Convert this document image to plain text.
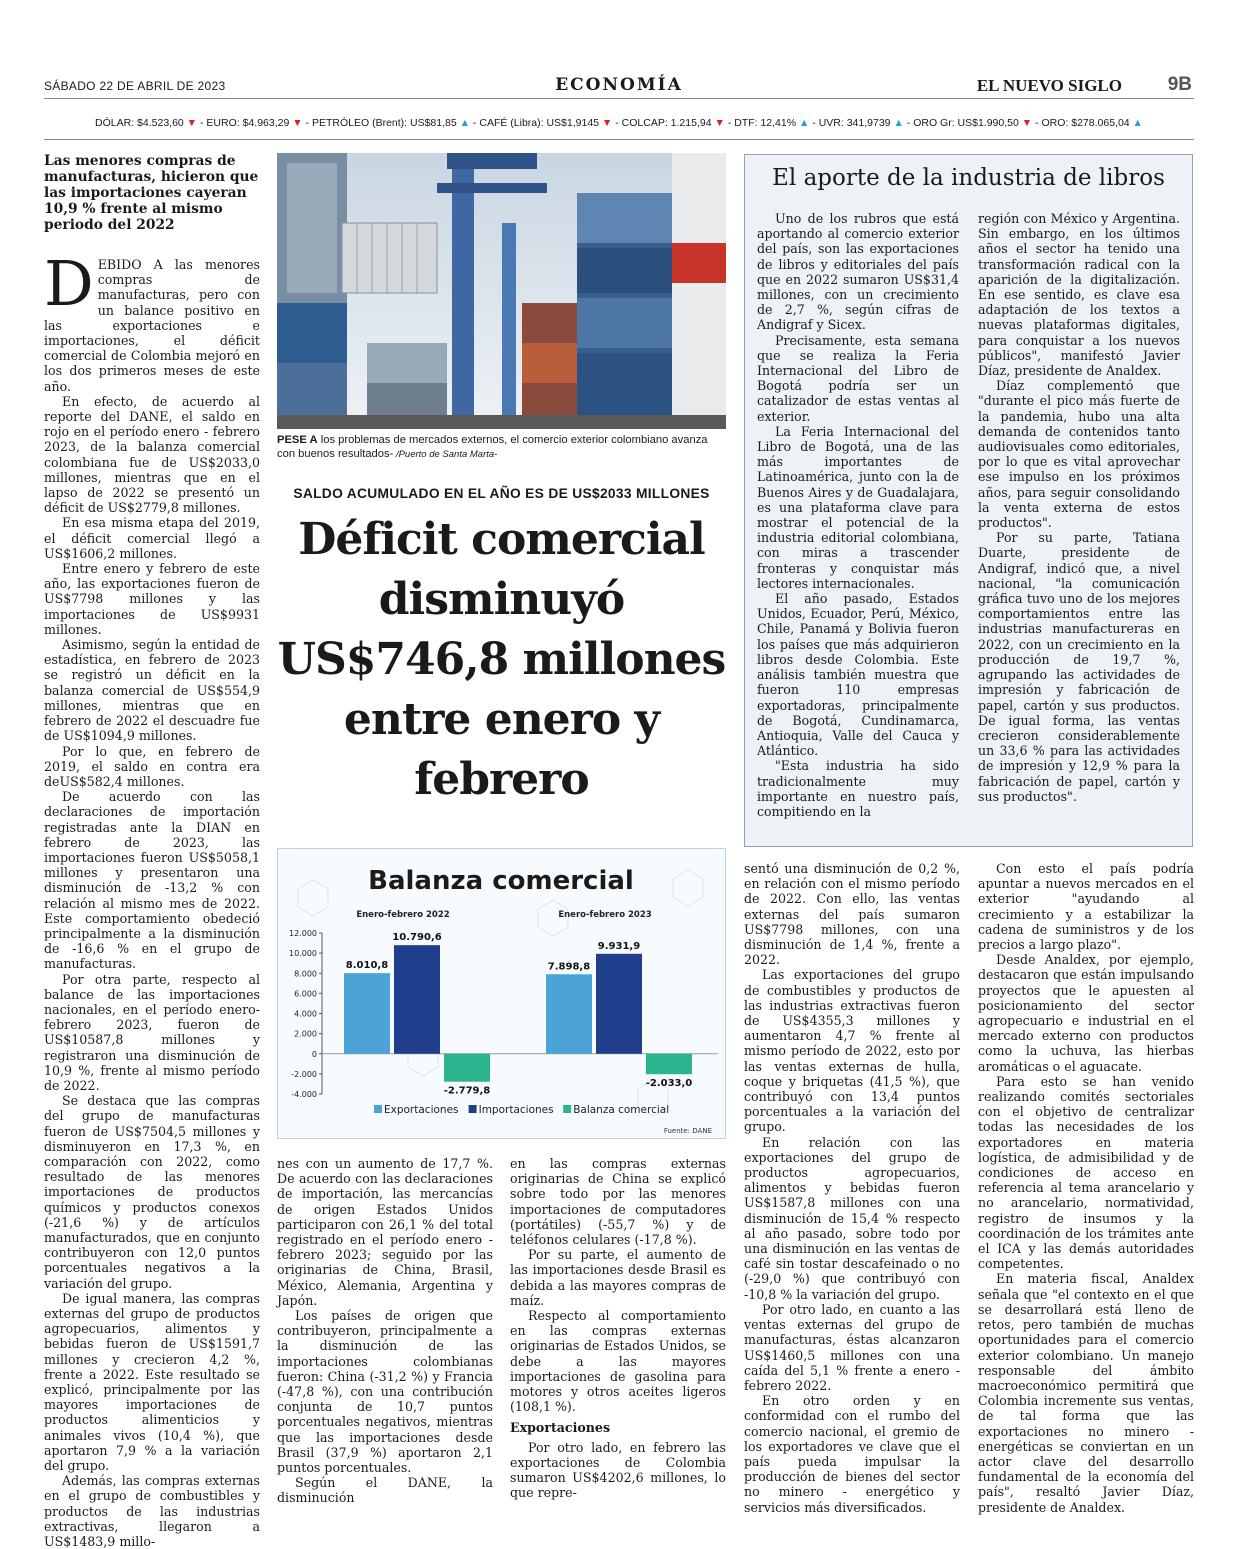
SÁBADO 22 DE ABRIL DE 2023	ECONOMÍA	EL NUEVO SIGLO 9B
DÓLAR: $4.523,60 ▼ - EURO: $4.963,29 ▼ - PETRÓLEO (Brent): US$81,85 ▲ - CAFÉ (Libra): US$1,9145 ▼ - COLCAP: 1.215,94 ▼ - DTF: 12,41% ▲ - UVR: 341,9739 ▲ - ORO Gr: US$1.990,50 ▼ - ORO: $278.065,04 ▲
Las menores compras de manufacturas, hicieron que las importaciones cayeran 10,9 % frente al mismo periodo del 2022
D EBIDO A las menores compras de manufacturas, pero con un balance positivo en las exportaciones e importaciones, el déficit comercial de Colombia mejoró en los dos primeros meses de este año.

En efecto, de acuerdo al reporte del DANE, el saldo en rojo en el período enero - febrero 2023, de la balanza comercial colombiana fue de US$2033,0 millones, mientras que en el lapso de 2022 se presentó un déficit de US$2779,8 millones.

En esa misma etapa del 2019, el déficit comercial llegó a US$1606,2 millones.

Entre enero y febrero de este año, las exportaciones fueron de US$7798 millones y las importaciones de US$9931 millones.

Asimismo, según la entidad de estadística, en febrero de 2023 se registró un déficit en la balanza comercial de US$554,9 millones, mientras que en febrero de 2022 el descuadre fue de US$1094,9 millones.

Por lo que, en febrero de 2019, el saldo en contra era deUS$582,4 millones.

De acuerdo con las declaraciones de importación registradas ante la DIAN en febrero de 2023, las importaciones fueron US$5058,1 millones y presentaron una disminución de -13,2 % con relación al mismo mes de 2022. Este comportamiento obedeció principalmente a la disminución de -16,6 % en el grupo de manufacturas.

Por otra parte, respecto al balance de las importaciones nacionales, en el período enero-febrero 2023, fueron de US$10587,8 millones y registraron una disminución de 10,9 %, frente al mismo período de 2022.

Se destaca que las compras del grupo de manufacturas fueron de US$7504,5 millones y disminuyeron en 17,3 %, en comparación con 2022, como resultado de las menores importaciones de productos químicos y productos conexos (-21,6 %) y de artículos manufacturados, que en conjunto contribuyeron con 12,0 puntos porcentuales negativos a la variación del grupo.

De igual manera, las compras externas del grupo de productos agropecuarios, alimentos y bebidas fueron de US$1591,7 millones y crecieron 4,2 %, frente a 2022. Este resultado se explicó, principalmente por las mayores importaciones de productos alimenticios y animales vivos (10,4 %), que aportaron 7,9 % a la variación del grupo.

Además, las compras externas en el grupo de combustibles y productos de las industrias extractivas, llegaron a US$1483,9 millo-

PESE A los problemas de mercados externos, el comercio exterior colombiano avanza con buenos resultados- /Puerto de Santa Marta-
SALDO ACUMULADO EN EL AÑO ES DE US$2033 MILLONES
Déficit comercial disminuyó US$746,8 millones entre enero y febrero
El aporte de la industria de libros

Uno de los rubros que está aportando al comercio exterior del país, son las exportaciones de libros y editoriales del país que en 2022 sumaron US$31,4 millones, con un crecimiento de 2,7 %, según cifras de Andigraf y Sicex.

Precisamente, esta semana que se realiza la Feria Internacional del Libro de Bogotá podría ser un catalizador de estas ventas al exterior.

La Feria Internacional del Libro de Bogotá, una de las más importantes de Latinoamérica, junto con la de Buenos Aires y de Guadalajara, es una plataforma clave para mostrar el potencial de la industria editorial colombiana, con miras a trascender fronteras y conquistar más lectores internacionales.

El año pasado, Estados Unidos, Ecuador, Perú, México, Chile, Panamá y Bolivia fueron los países que más adquirieron libros desde Colombia. Este análisis también muestra que fueron 110 empresas exportadoras, principalmente de Bogotá, Cundinamarca, Antioquia, Valle del Cauca y Atlántico.

"Esta industria ha sido tradicionalmente muy importante en nuestro país, compitiendo en la

región con México y Argentina. Sin embargo, en los últimos años el sector ha tenido una transformación radical con la aparición de la digitalización. En ese sentido, es clave esa adaptación de los textos a nuevas plataformas digitales, para conquistar a los nuevos públicos", manifestó Javier Díaz, presidente de Analdex.

Díaz complementó que "durante el pico más fuerte de la pandemia, hubo una alta demanda de contenidos tanto audiovisuales como editoriales, por lo que es vital aprovechar ese impulso en los próximos años, para seguir consolidando la venta externa de estos productos".

Por su parte, Tatiana Duarte, presidente de Andigraf, indicó que, a nivel nacional, "la comunicación gráfica tuvo uno de los mejores comportamientos entre las industrias manufactureras en 2022, con un crecimiento en la producción de 19,7 %, agrupando las actividades de impresión y fabricación de papel, cartón y sus productos. De igual forma, las ventas crecieron considerablemente un 33,6 % para las actividades de impresión y 12,9 % para la fabricación de papel, cartón y sus productos".

Balanza comercial
Enero-febrero 2022	Enero-febrero 2023
12.000
10.000
8.000
6.000
4.000
2.000
0
-2.000
-4.000
8.010,8	7.898,8
10.790,6
9.931,9
-2.779,8
-2.033,0
Exportaciones Importaciones Balanza comercial
Fuente: DANE

nes con un aumento de 17,7 %. De acuerdo con las declaraciones de importación, las mercancías de origen Estados Unidos participaron con 26,1 % del total registrado en el período enero -febrero 2023; seguido por las originarias de China, Brasil, México, Alemania, Argentina y Japón.

Los países de origen que contribuyeron, principalmente a la disminución de las importaciones colombianas fueron: China (-31,2 %) y Francia (-47,8 %), con una contribución conjunta de 10,7 puntos porcentuales negativos, mientras que las importaciones desde Brasil (37,9 %) aportaron 2,1 puntos porcentuales.

Según el DANE, la disminución

en las compras externas originarias de China se explicó sobre todo por las menores importaciones de computadores (portátiles) (-55,7 %) y de teléfonos celulares (-17,8 %).

Por su parte, el aumento de las importaciones desde Brasil es debida a las mayores compras de maíz.

Respecto al comportamiento en las compras externas originarias de Estados Unidos, se debe a las mayores importaciones de gasolina para motores y otros aceites ligeros (108,1 %).

Exportaciones

Por otro lado, en febrero las exportaciones de Colombia sumaron US$4202,6 millones, lo que repre-

sentó una disminución de 0,2 %, en relación con el mismo período de 2022. Con ello, las ventas externas del país sumaron US$7798 millones, con una disminución de 1,4 %, frente a 2022.

Las exportaciones del grupo de combustibles y productos de las industrias extractivas fueron de US$4355,3 millones y aumentaron 4,7 % frente al mismo período de 2022, esto por las ventas externas de hulla, coque y briquetas (41,5 %), que contribuyó con 13,4 puntos porcentuales a la variación del grupo.

En relación con las exportaciones del grupo de productos agropecuarios, alimentos y bebidas fueron US$1587,8 millones con una disminución de 15,4 % respecto al año pasado, sobre todo por una disminución en las ventas de café sin tostar descafeinado o no (-29,0 %) que contribuyó con -10,8 % la variación del grupo.

Por otro lado, en cuanto a las ventas externas del grupo de manufacturas, éstas alcanzaron US$1460,5 millones con una caída del 5,1 % frente a enero - febrero 2022.

En otro orden y en conformidad con el rumbo del comercio nacional, el gremio de los exportadores ve clave que el país pueda impulsar la producción de bienes del sector no minero - energético y servicios más diversificados.

Con esto el país podría apuntar a nuevos mercados en el exterior "ayudando al crecimiento y a estabilizar la cadena de suministros y de los precios a largo plazo".

Desde Analdex, por ejemplo, destacaron que están impulsando proyectos que le apuesten al posicionamiento del sector agropecuario e industrial en el mercado externo con productos como la uchuva, las hierbas aromáticas o el aguacate.

Para esto se han venido realizando comités sectoriales con el objetivo de centralizar todas las necesidades de los exportadores en materia logística, de admisibilidad y de condiciones de acceso en referencia al tema arancelario y no arancelario, normatividad, registro de insumos y la coordinación de los trámites ante el ICA y las demás autoridades competentes.

En materia fiscal, Analdex señala que "el contexto en el que se desarrollará está lleno de retos, pero también de muchas oportunidades para el comercio exterior colombiano. Un manejo responsable del ámbito macroeconómico permitirá que Colombia incremente sus ventas, de tal forma que las exportaciones no minero -energéticas se conviertan en un actor clave del desarrollo fundamental de la economía del país", resaltó Javier Díaz, presidente de Analdex.
